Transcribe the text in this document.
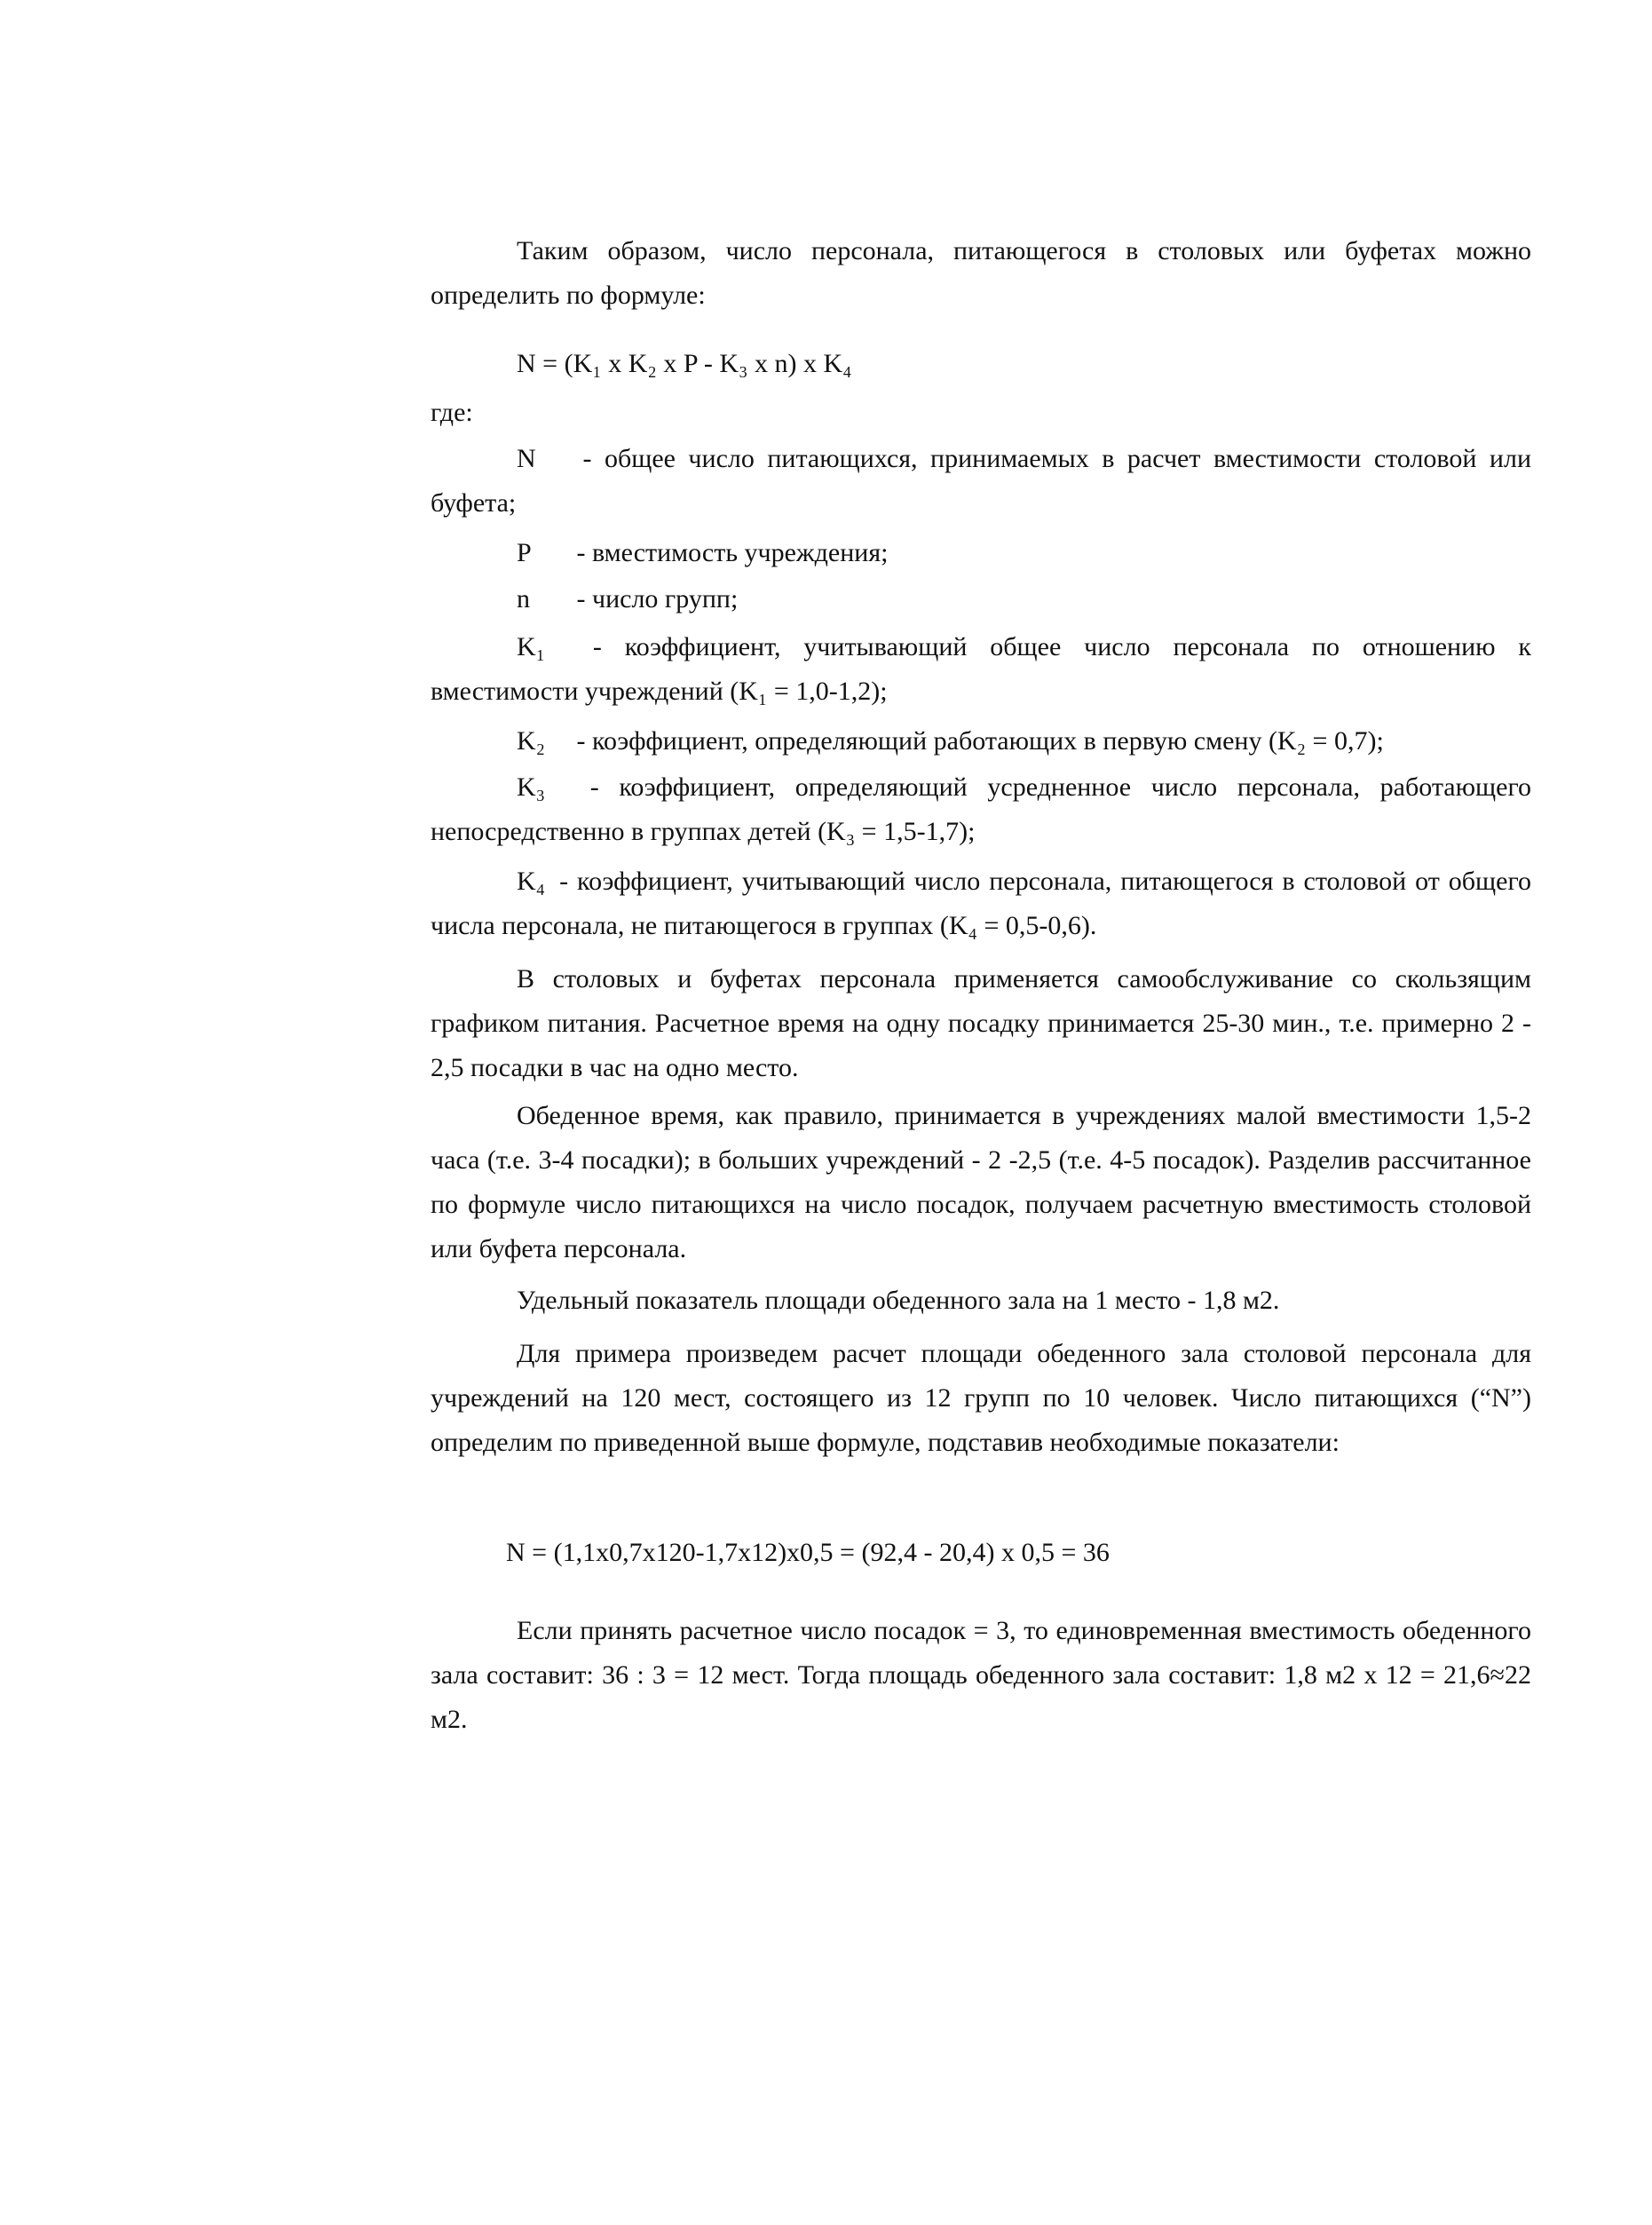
Таким образом, число персонала, питающегося в столовых или буфетах можно определить по формуле:

N = (K₁ x K₂ x P - K₃ x n) x K₄
где:
N - общее число питающихся, принимаемых в расчет вместимости столовой или буфета;
P - вместимость учреждения;
n - число групп;
K₁ - коэффициент, учитывающий общее число персонала по отношению к вместимости учреждений (K₁ = 1,0-1,2);
K₂ - коэффициент, определяющий работающих в первую смену (K₂ = 0,7);
K₃ - коэффициент, определяющий усредненное число персонала, работающего непосредственно в группах детей (K₃ = 1,5-1,7);
K₄ - коэффициент, учитывающий число персонала, питающегося в столовой от общего числа персонала, не питающегося в группах (K₄ = 0,5-0,6).

В столовых и буфетах персонала применяется самообслуживание со скользящим графиком питания. Расчетное время на одну посадку принимается 25-30 мин., т.е. примерно 2 - 2,5 посадки в час на одно место.

Обеденное время, как правило, принимается в учреждениях малой вместимости 1,5-2 часа (т.е. 3-4 посадки); в больших учреждений - 2 -2,5 (т.е. 4-5 посадок). Разделив рассчитанное по формуле число питающихся на число посадок, получаем расчетную вместимость столовой или буфета персонала.

Удельный показатель площади обеденного зала на 1 место - 1,8 м2.

Для примера произведем расчет площади обеденного зала столовой персонала для учреждений на 120 мест, состоящего из 12 групп по 10 человек. Число питающихся (“N”) определим по приведенной выше формуле, подставив необходимые показатели:

N = (1,1x0,7x120-1,7x12)x0,5 = (92,4 - 20,4) x 0,5 = 36

Если принять расчетное число посадок = 3, то единовременная вместимость обеденного зала составит: 36 : 3 = 12 мест. Тогда площадь обеденного зала составит: 1,8 м2 x 12 = 21,6≈22 м2.
